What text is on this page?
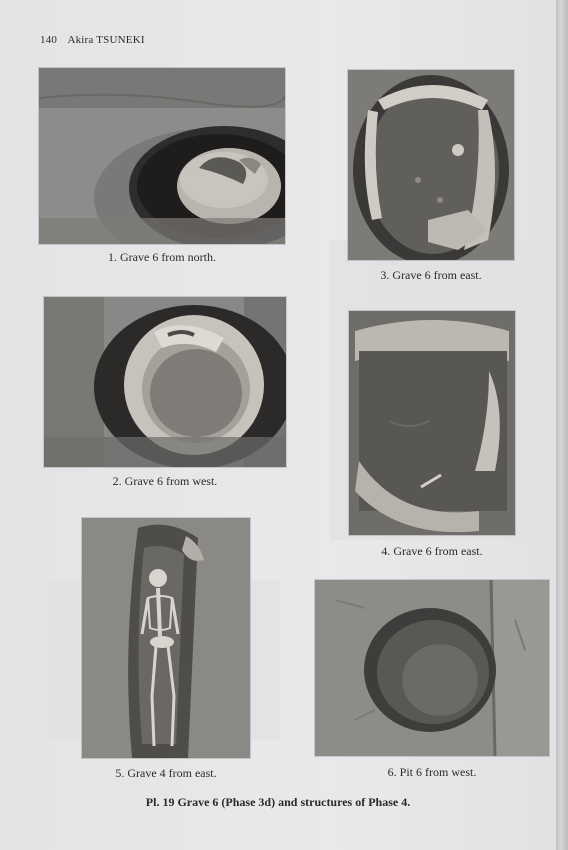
140 Akira TSUNEKI
1. Grave 6 from north.
2. Grave 6 from west.
3. Grave 6 from east.
4. Grave 6 from east.
5. Grave 4 from east.	6. Pit 6 from west.
Pl. 19 Grave 6 (Phase 3d) and structures of Phase 4.
